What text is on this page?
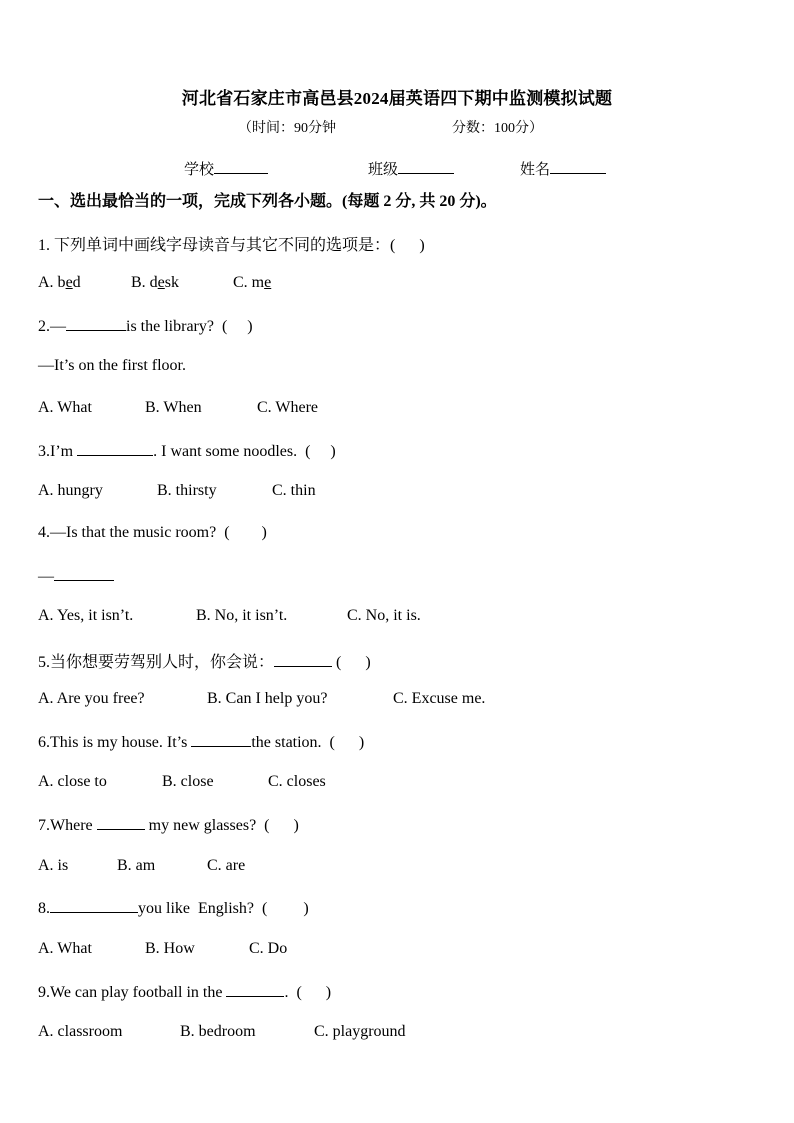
河北省石家庄市高邑县2024届英语四下期中监测模拟试题
（时间：90分钟	分数：100分）
学校	班级	姓名
一、选出最恰当的一项，完成下列各小题。(每题 2 分, 共 20 分)。
1. 下列单词中画线字母读音与其它不同的选项是：(      )
A. bed	B. desk	C. me
2.—	is the library?  (     )
—It’s on the first floor.
A. What	B. When	C. Where
3.I’m	. I want some noodles.  (     )
A. hungry	B. thirsty	C. thin
4.—Is that the music room?  (        )
—
A. Yes, it isn’t.	B. No, it isn’t.	C. No, it is.
5.当你想要劳驾别人时，你会说：	(      )
A. Are you free?	B. Can I help you?	C. Excuse me.
6.This is my house. It’s	the station.  (      )
A. close to	B. close	C. closes
7.Where	my new glasses?  (      )
A. is	B. am	C. are
8.	you like  English?  (         )
A. What	B. How	C. Do
9.We can play football in the	.  (      )
A. classroom	B. bedroom	C. playground
